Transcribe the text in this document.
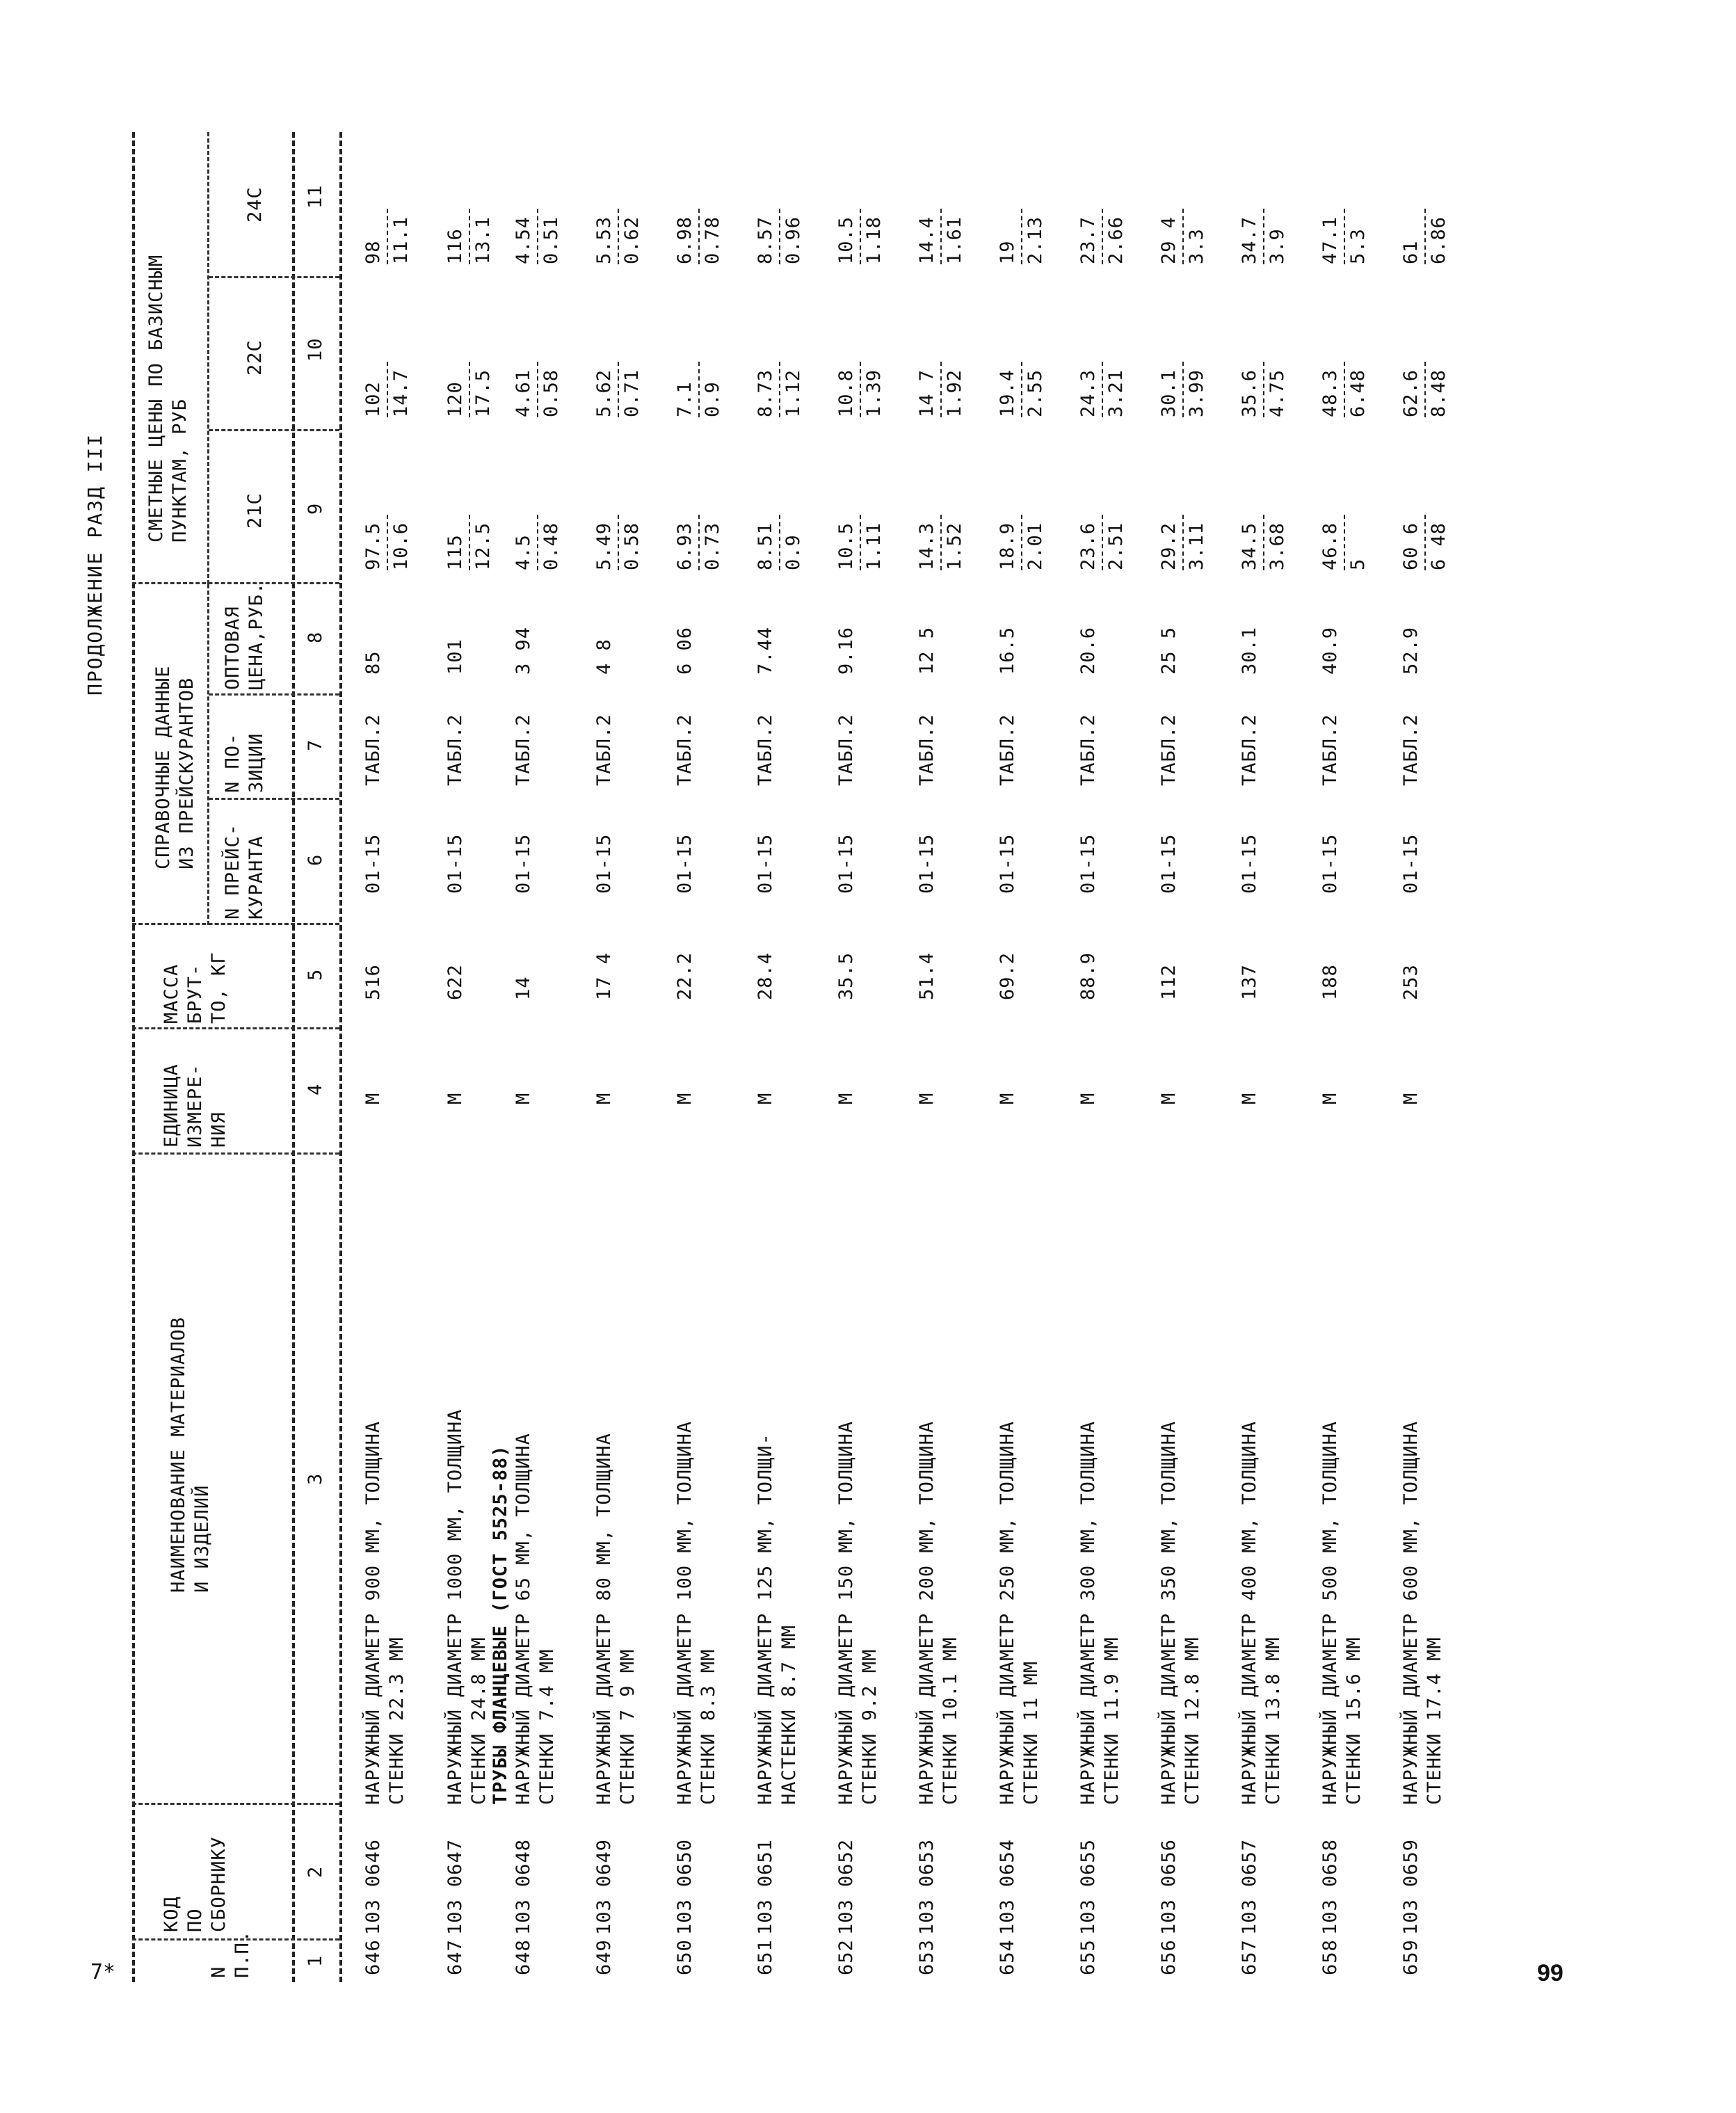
7*	99
ПРОДОЛЖЕНИЕ РАЗД III
N П.П.
КОД ПО СБОРНИКУ
НАИМЕНОВАНИЕ МАТЕРИАЛОВ И ИЗДЕЛИЙ
ЕДИНИЦА ИЗМЕРЕ- НИЯ
МАССА БРУТ- ТО, КГ
СПРАВОЧНЫЕ ДАННЫЕ ИЗ ПРЕЙСКУРАНТОВ
N ПРЕЙС- КУРАНТА
N ПО- ЗИЦИИ
ОПТОВАЯ ЦЕНА,РУБ.
СМЕТНЫЕ ЦЕНЫ ПО БАЗИСНЫМ ПУНКТАМ, РУБ	21С
22С
24С
1
2
3
4
5
6
7
8
9
10
11
ТРУБЫ ФЛАНЦЕВЫЕ (ГОСТ 5525-88)
646
103 0646
НАРУЖНЫЙ ДИАМЕТР 900 ММ, ТОЛЩИНА
М
516
01-15
ТАБЛ.2
85
СТЕНКИ 22.3 ММ
97.5 10.6
102 14.7
98 11.1
647
103 0647
НАРУЖНЫЙ ДИАМЕТР 1000 ММ, ТОЛЩИНА
М
622
01-15
ТАБЛ.2
101
СТЕНКИ 24.8 ММ
115 12.5
120 17.5
116 13.1
648
103 0648
НАРУЖНЫЙ ДИАМЕТР 65 ММ, ТОЛЩИНА
М
14
01-15
ТАБЛ.2
3 94
СТЕНКИ 7.4 ММ
4.5 0.48
4.61 0.58
4.54 0.51
649
103 0649
НАРУЖНЫЙ ДИАМЕТР 80 ММ, ТОЛЩИНА
М
17 4
01-15
ТАБЛ.2
4 8
СТЕНКИ 7 9 ММ
5.49 0.58
5.62 0.71
5.53 0.62
650
103 0650
НАРУЖНЫЙ ДИАМЕТР 100 ММ, ТОЛЩИНА
М
22.2
01-15
ТАБЛ.2
6 06
СТЕНКИ 8.3 ММ
6.93 0.73
7.1 0.9
6.98 0.78
651
103 0651
НАРУЖНЫЙ ДИАМЕТР 125 ММ, ТОЛЩИ-
М
28.4
01-15
ТАБЛ.2
7.44
НАСТЕНКИ 8.7 ММ
8.51 0.9
8.73 1.12
8.57 0.96
652
103 0652
НАРУЖНЫЙ ДИАМЕТР 150 ММ, ТОЛЩИНА
М
35.5
01-15
ТАБЛ.2
9.16
СТЕНКИ 9.2 ММ
10.5 1.11
10.8 1.39
10.5 1.18
653
103 0653
НАРУЖНЫЙ ДИАМЕТР 200 ММ, ТОЛЩИНА
М
51.4
01-15
ТАБЛ.2
12 5
СТЕНКИ 10.1 ММ
14.3 1.52
14 7 1.92
14.4 1.61
654
103 0654
НАРУЖНЫЙ ДИАМЕТР 250 ММ, ТОЛЩИНА
М
69.2
01-15
ТАБЛ.2
16.5
СТЕНКИ 11 ММ
18.9 2.01
19.4 2.55
19 2.13
655
103 0655
НАРУЖНЫЙ ДИАМЕТР 300 ММ, ТОЛЩИНА
М
88.9
01-15
ТАБЛ.2
20.6
СТЕНКИ 11.9 ММ
23.6 2.51
24.3 3.21
23.7 2.66
656
103 0656
НАРУЖНЫЙ ДИАМЕТР 350 ММ, ТОЛЩИНА
М
112
01-15
ТАБЛ.2
25 5
СТЕНКИ 12.8 ММ
29.2 3.11
30.1 3.99
29 4 3.3
657
103 0657
НАРУЖНЫЙ ДИАМЕТР 400 ММ, ТОЛЩИНА
М
137
01-15
ТАБЛ.2
30.1
СТЕНКИ 13.8 ММ
34.5 3.68
35.6 4.75
34.7 3.9
658
103 0658
НАРУЖНЫЙ ДИАМЕТР 500 ММ, ТОЛЩИНА
М
188
01-15
ТАБЛ.2
40.9
СТЕНКИ 15.6 ММ
46.8 5
48.3 6.48
47.1 5.3
659
103 0659
НАРУЖНЫЙ ДИАМЕТР 600 ММ, ТОЛЩИНА
М
253
01-15
ТАБЛ.2
52.9
СТЕНКИ 17.4 ММ
60 6 6 48
62.6 8.48
61 6.86
